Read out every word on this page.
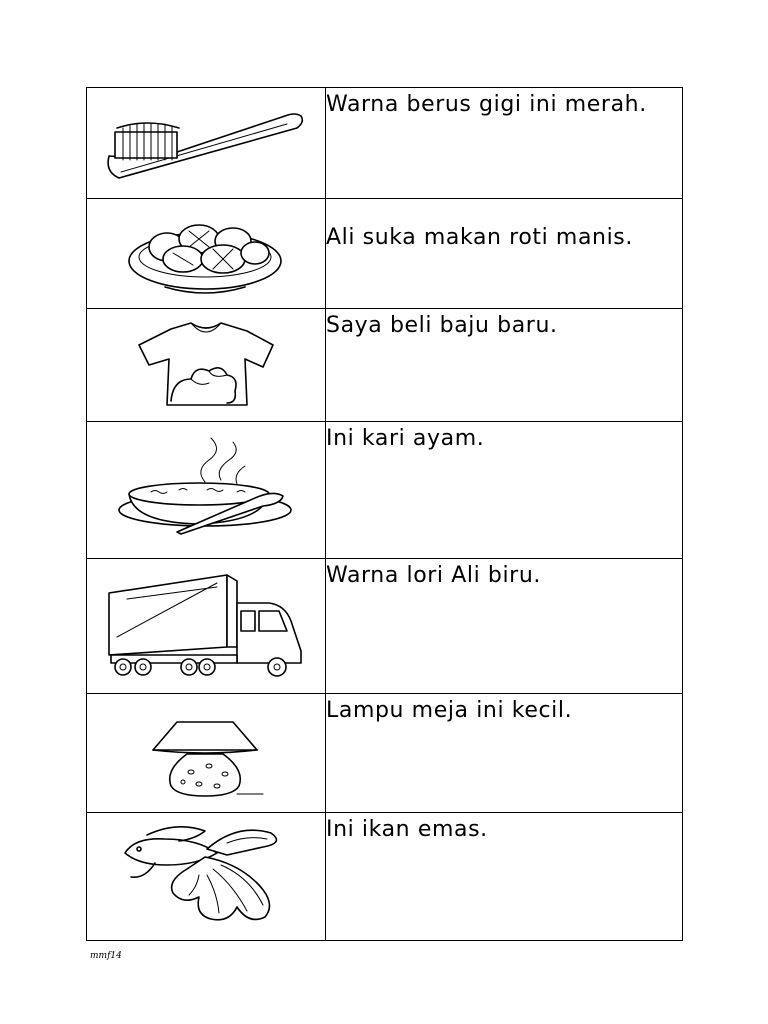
	Warna berus gigi ini merah.

	Ali suka makan roti manis.

	Saya beli baju baru.

	Ini kari ayam.

	Warna lori Ali biru.

	Lampu meja ini kecil.

	Ini ikan emas.
mmf14
